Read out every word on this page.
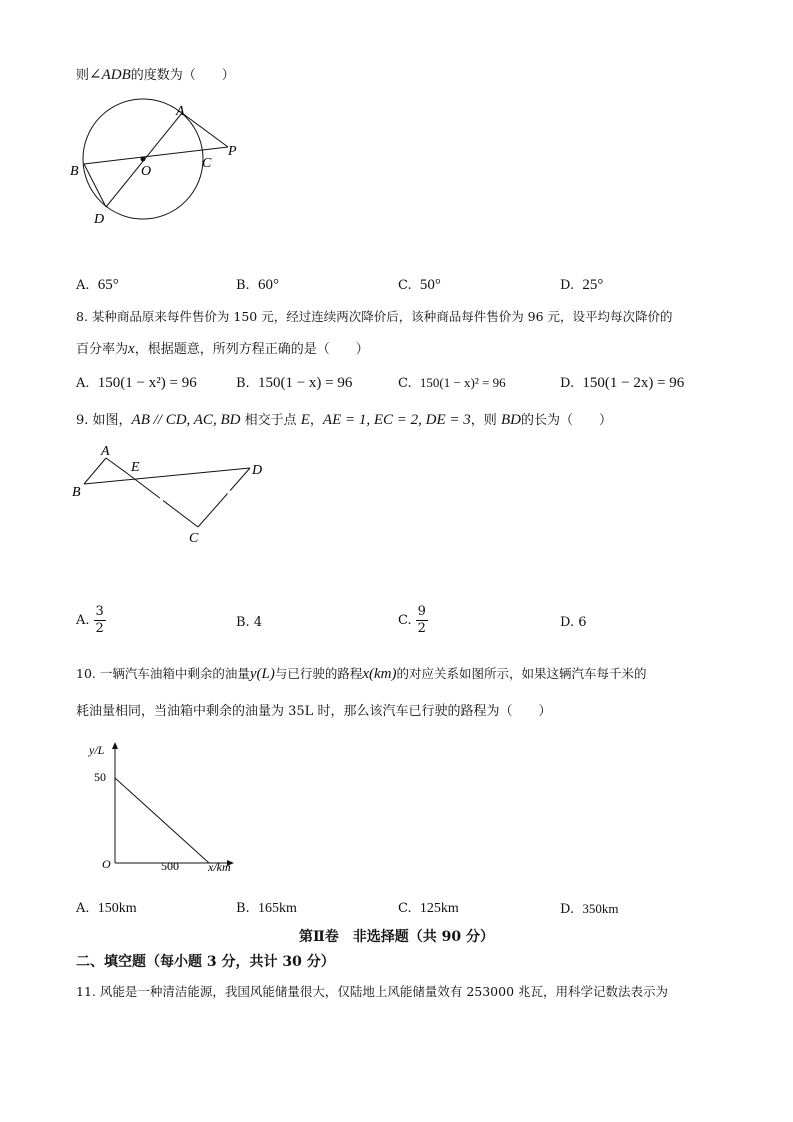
则∠ADB的度数为（　　）
A
B	O
C
P
D
A. 65°	B. 60°	C. 50°	D. 25°
8. 某种商品原来每件售价为 150 元，经过连续两次降价后，该种商品每件售价为 96 元，设平均每次降价的
百分率为x，根据题意，所列方程正确的是（　　）
A. 150(1 − x²) = 96	B. 150(1 − x) = 96	C. 150(1 − x)² = 96	D. 150(1 − 2x) = 96
9. 如图，AB // CD, AC, BD 相交于点 E，AE = 1, EC = 2, DE = 3，则 BD的长为（　　）
A
E	D
B
C
A. $\frac{3}{2}$	B. 4	C. $\frac{9}{2}$	D. 6
10. 一辆汽车油箱中剩余的油量y(L)与已行驶的路程x(km)的对应关系如图所示，如果这辆汽车每千米的
耗油量相同，当油箱中剩余的油量为 35L 时，那么该汽车已行驶的路程为（　　）
y/L
50
O	500 x/km
A. 150km	B. 165km	C. 125km	D. 350km
第Ⅱ卷　非选择题（共 90 分）
二、填空题（每小题 3 分，共计 30 分）
11. 风能是一种清洁能源，我国风能储量很大，仅陆地上风能储量效有 253000 兆瓦，用科学记数法表示为
